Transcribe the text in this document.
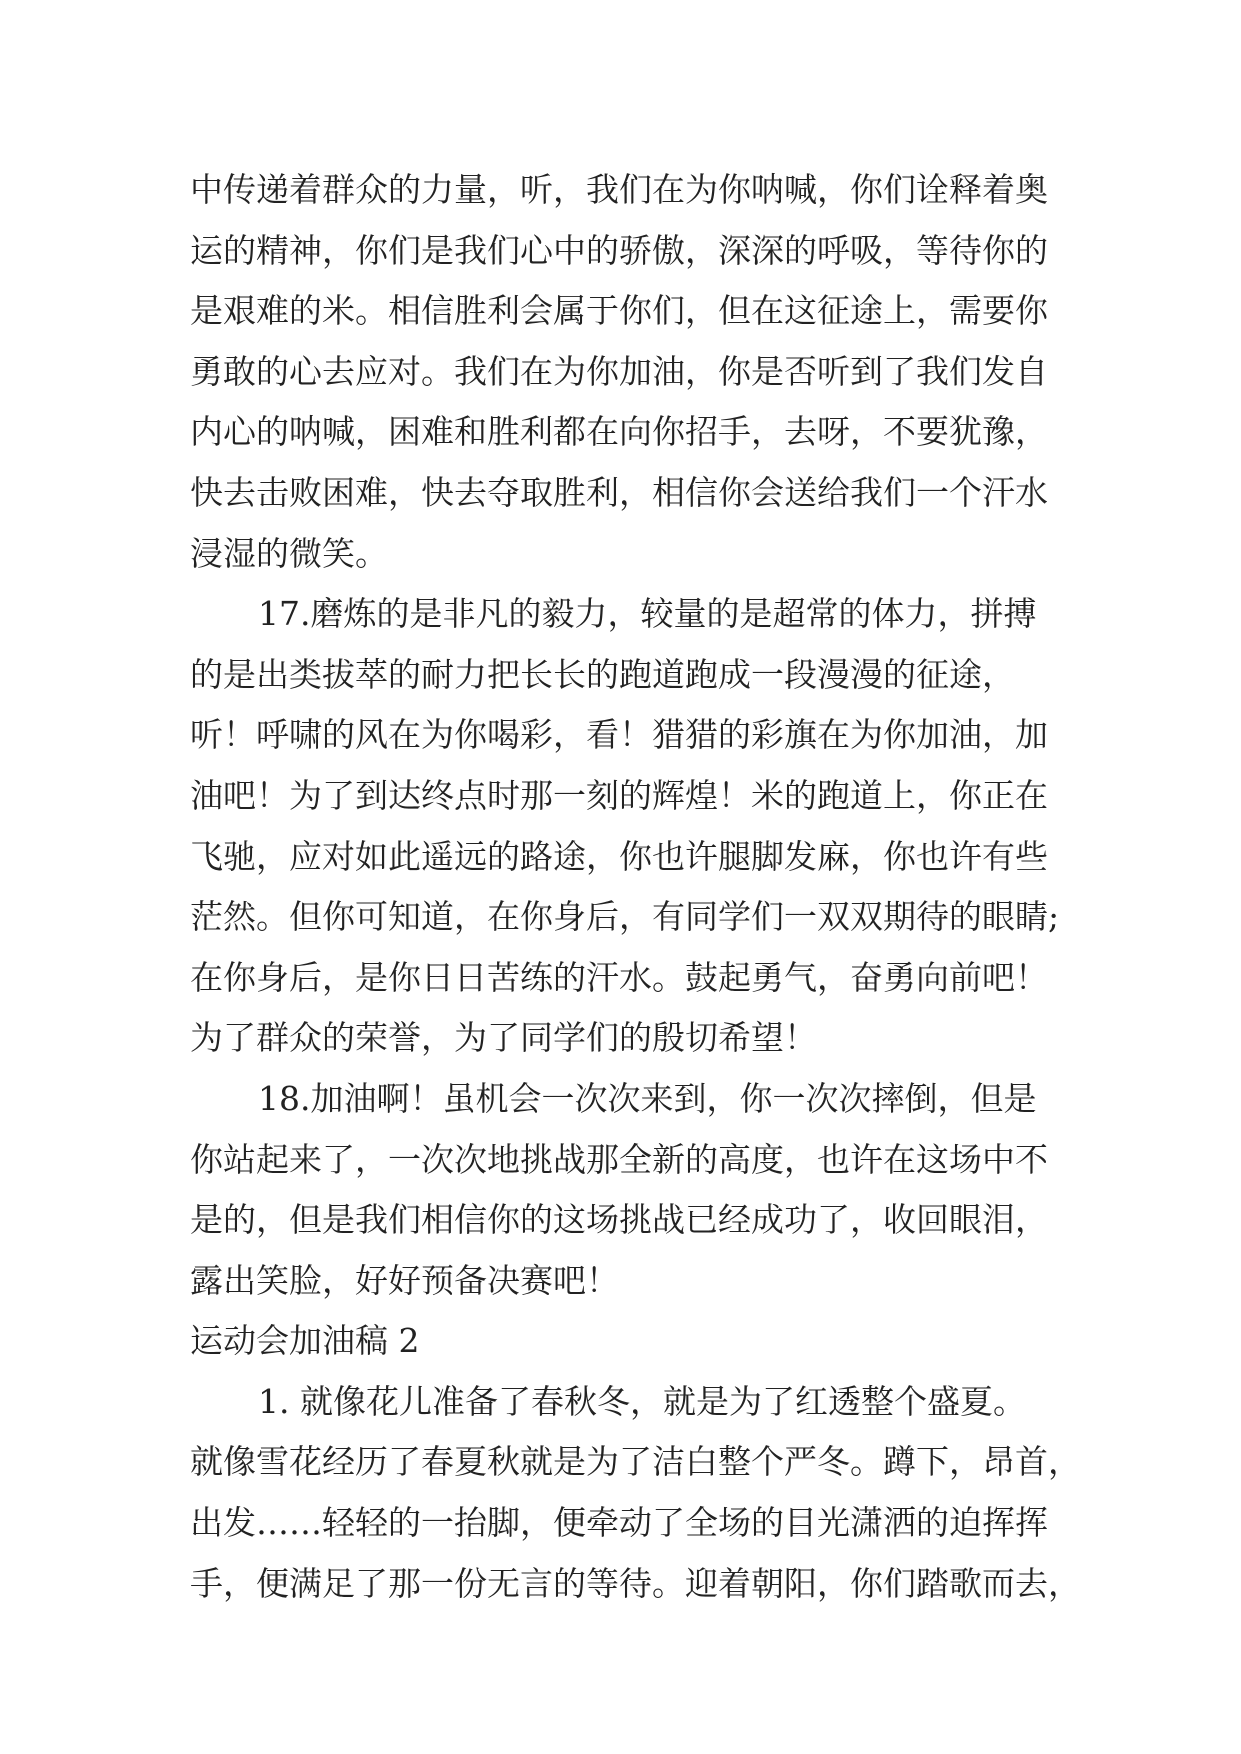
中传递着群众的力量，听，我们在为你呐喊，你们诠释着奥
运的精神，你们是我们心中的骄傲，深深的呼吸，等待你的
是艰难的米。相信胜利会属于你们，但在这征途上，需要你
勇敢的心去应对。我们在为你加油，你是否听到了我们发自
内心的呐喊，困难和胜利都在向你招手，去呀，不要犹豫，
快去击败困难，快去夺取胜利，相信你会送给我们一个汗水
浸湿的微笑。
17.磨炼的是非凡的毅力，较量的是超常的体力，拼搏
的是出类拔萃的耐力把长长的跑道跑成一段漫漫的征途，
听！呼啸的风在为你喝彩，看！猎猎的彩旗在为你加油，加
油吧！为了到达终点时那一刻的辉煌！米的跑道上，你正在
飞驰，应对如此遥远的路途，你也许腿脚发麻，你也许有些
茫然。但你可知道，在你身后，有同学们一双双期待的眼睛;
在你身后，是你日日苦练的汗水。鼓起勇气，奋勇向前吧！
为了群众的荣誉，为了同学们的殷切希望！
18.加油啊！虽机会一次次来到，你一次次摔倒，但是
你站起来了，一次次地挑战那全新的高度，也许在这场中不
是的，但是我们相信你的这场挑战已经成功了，收回眼泪，
露出笑脸，好好预备决赛吧！
运动会加油稿 2
1. 就像花儿准备了春秋冬，就是为了红透整个盛夏。
就像雪花经历了春夏秋就是为了洁白整个严冬。蹲下，昂首，
出发……轻轻的一抬脚，便牵动了全场的目光潇洒的迫挥挥
手，便满足了那一份无言的等待。迎着朝阳，你们踏歌而去，
